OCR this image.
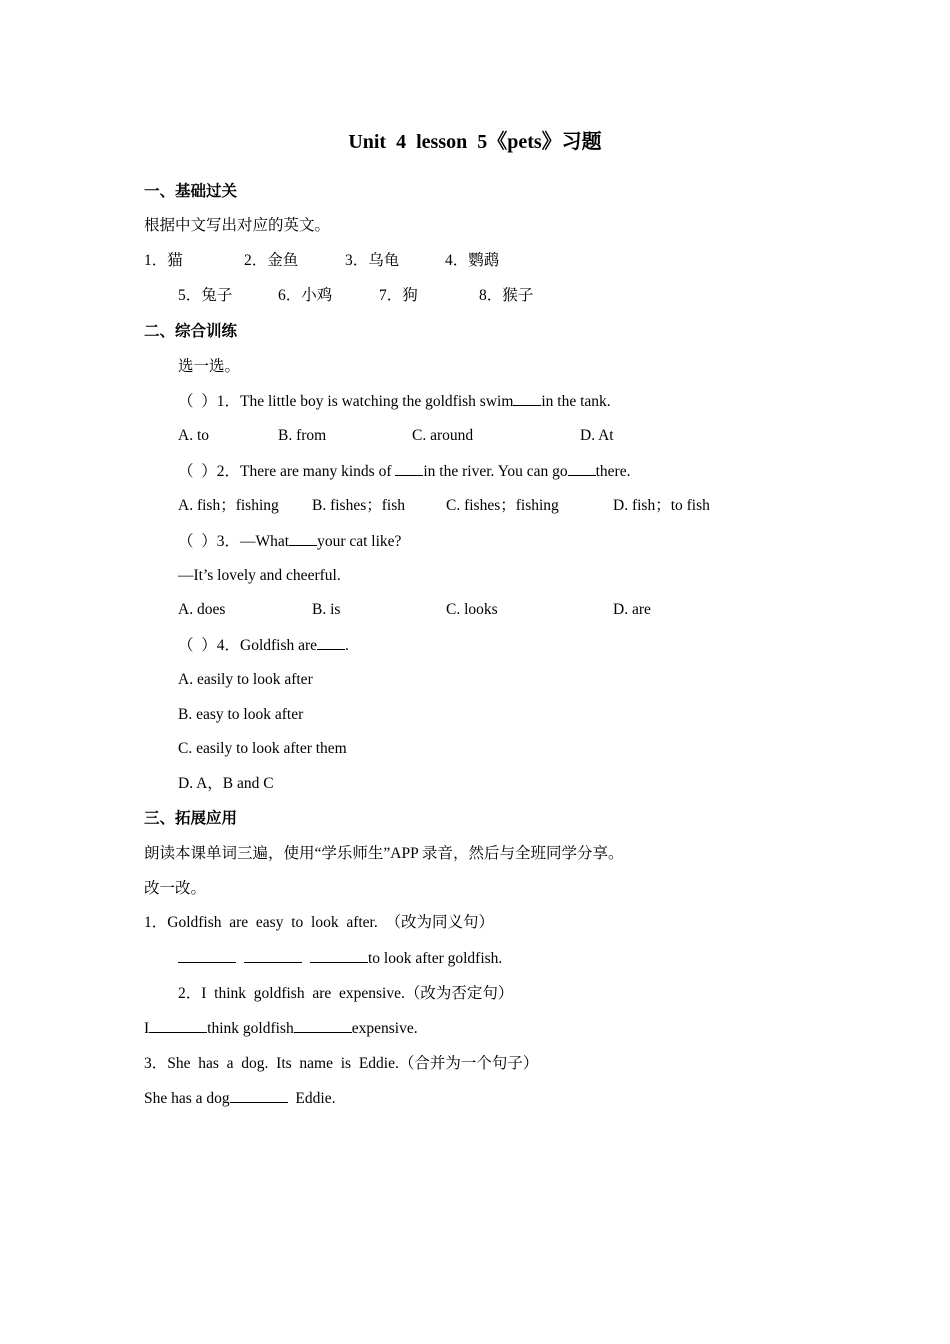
Unit  4  lesson  5《pets》习题
一、基础过关
根据中文写出对应的英文。
1．猫	2．金鱼	3．乌龟	4．鹦鹉
5．兔子	6．小鸡	7．狗	8．猴子
二、综合训练
选一选。
（  ）1．The little boy is watching the goldfish swim in the tank.
A. to	B. from	C. around	D. At
（  ）2．There are many kinds of in the river. You can go there.
A. fish；fishing B. fishes；fish	C. fishes；fishing	D. fish；to fish
（  ）3．—What your cat like?
—It’s lovely and cheerful.
A. does	B. is	C. looks	D. are
（  ）4．Goldfish are .
A. easily to look after
B. easy to look after
C. easily to look after them
D. A，B and C
三、拓展应用
朗读本课单词三遍，使用“学乐师生”APP 录音，然后与全班同学分享。
改一改。
1．Goldfish  are  easy  to  look  after.  （改为同义句）
to look after goldfish.
2．I  think  goldfish  are  expensive.（改为否定句）
I	think goldfish	expensive.
3．She  has  a  dog.  Its  name  is  Eddie.（合并为一个句子）
She has a dog	Eddie.
